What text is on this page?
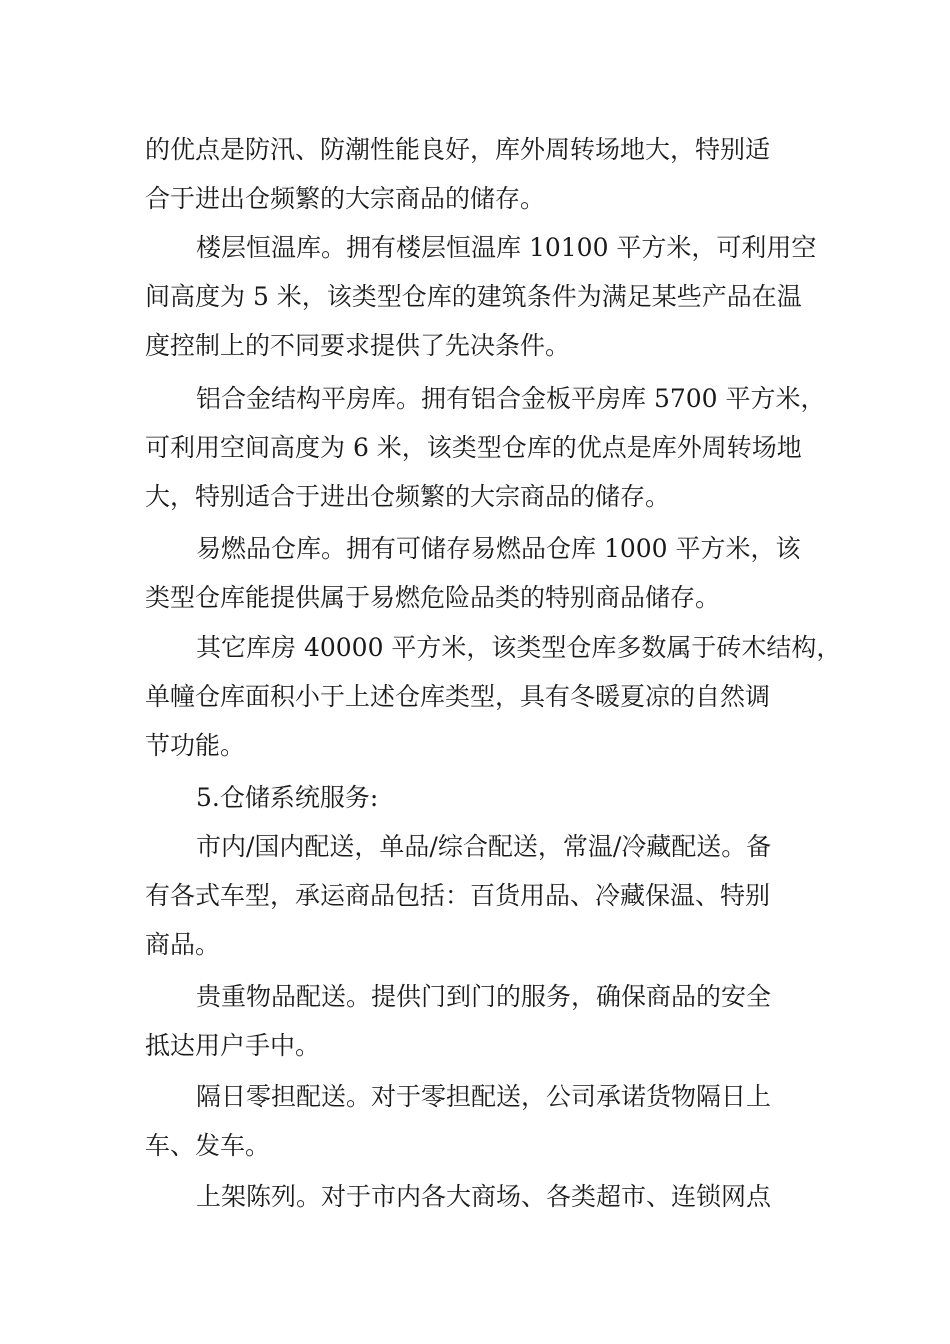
的优点是防汛、防潮性能良好，库外周转场地大，特别适
合于进出仓频繁的大宗商品的储存。
楼层恒温库。拥有楼层恒温库 10100 平方米，可利用空
间高度为 5 米，该类型仓库的建筑条件为满足某些产品在温
度控制上的不同要求提供了先决条件。
铝合金结构平房库。拥有铝合金板平房库 5700 平方米，
可利用空间高度为 6 米，该类型仓库的优点是库外周转场地
大，特别适合于进出仓频繁的大宗商品的储存。
易燃品仓库。拥有可储存易燃品仓库 1000 平方米，该
类型仓库能提供属于易燃危险品类的特别商品储存。
其它库房 40000 平方米，该类型仓库多数属于砖木结构，
单幢仓库面积小于上述仓库类型，具有冬暖夏凉的自然调
节功能。
5.仓储系统服务:
市内/国内配送，单品/综合配送，常温/冷藏配送。备
有各式车型，承运商品包括：百货用品、冷藏保温、特别
商品。
贵重物品配送。提供门到门的服务，确保商品的安全
抵达用户手中。
隔日零担配送。对于零担配送，公司承诺货物隔日上
车、发车。
上架陈列。对于市内各大商场、各类超市、连锁网点
